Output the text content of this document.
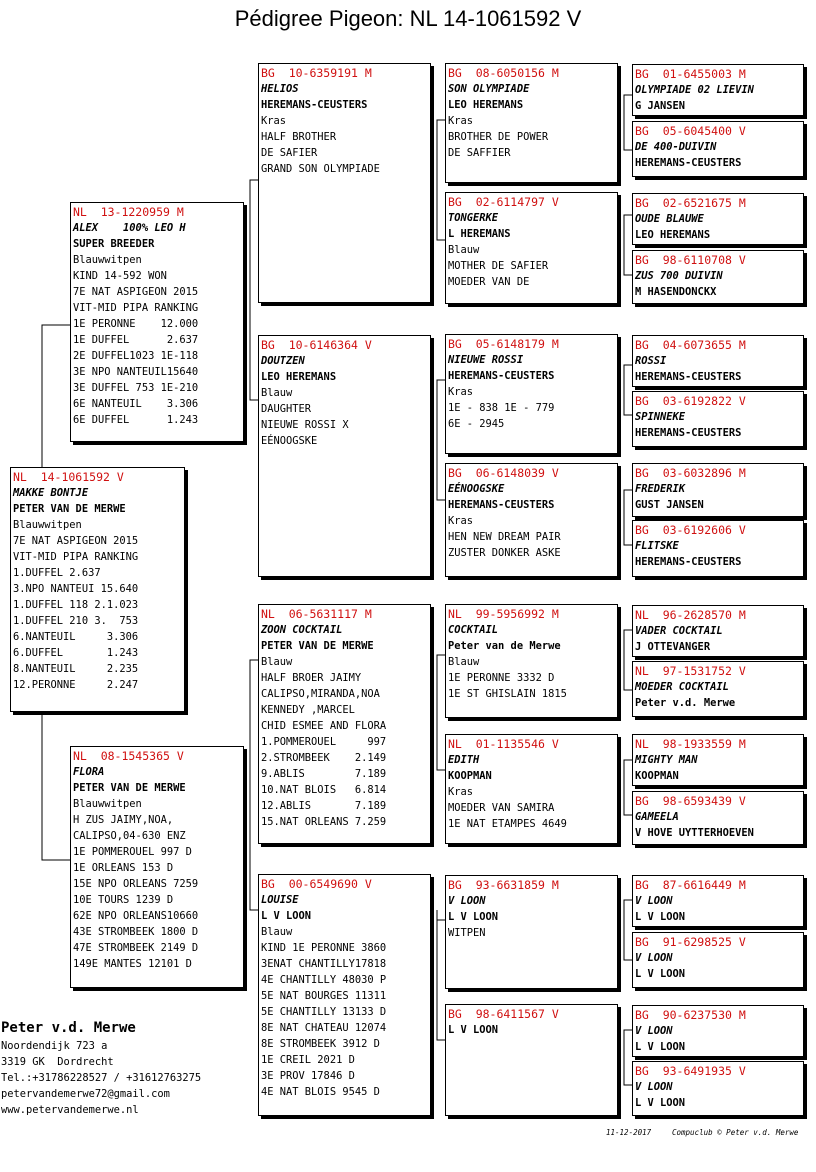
Pédigree Pigeon: NL 14-1061592 V
NL  14-1061592 V
MAKKE BONTJE
PETER VAN DE MERWE
Blauwwitpen
7E NAT ASPIGEON 2015
VIT-MID PIPA RANKING
1.DUFFEL 2.637
3.NPO NANTEUI 15.640
1.DUFFEL 118 2.1.023
1.DUFFEL 210 3.  753
6.NANTEUIL     3.306
6.DUFFEL       1.243
8.NANTEUIL     2.235
12.PERONNE     2.247
NL  13-1220959 M
ALEX    100% LEO H
SUPER BREEDER
Blauwwitpen
KIND 14-592 WON
7E NAT ASPIGEON 2015
VIT-MID PIPA RANKING
1E PERONNE    12.000
1E DUFFEL      2.637
2E DUFFEL1023 1E-118
3E NPO NANTEUIL15640
3E DUFFEL 753 1E-210
6E NANTEUIL    3.306
6E DUFFEL      1.243
NL  08-1545365 V
FLORA
PETER VAN DE MERWE
Blauwwitpen
H ZUS JAIMY,NOA,
CALIPSO,04-630 ENZ
1E POMMEROUEL 997 D
1E ORLEANS 153 D
15E NPO ORLEANS 7259
10E TOURS 1239 D
62E NPO ORLEANS10660
43E STROMBEEK 1800 D
47E STROMBEEK 2149 D
149E MANTES 12101 D
BG  10-6359191 M
HELIOS
HEREMANS-CEUSTERS
Kras
HALF BROTHER
DE SAFIER
GRAND SON OLYMPIADE
BG  10-6146364 V
DOUTZEN
LEO HEREMANS
Blauw
DAUGHTER
NIEUWE ROSSI X
EÉNOOGSKE
NL  06-5631117 M
ZOON COCKTAIL
PETER VAN DE MERWE
Blauw
HALF BROER JAIMY
CALIPSO,MIRANDA,NOA
KENNEDY ,MARCEL
CHID ESMEE AND FLORA
1.POMMEROUEL     997
2.STROMBEEK    2.149
9.ABLIS        7.189
10.NAT BLOIS   6.814
12.ABLIS       7.189
15.NAT ORLEANS 7.259
BG  00-6549690 V
LOUISE
L V LOON
Blauw
KIND 1E PERONNE 3860
3ENAT CHANTILLY17818
4E CHANTILLY 48030 P
5E NAT BOURGES 11311
5E CHANTILLY 13133 D
8E NAT CHATEAU 12074
8E STROMBEEK 3912 D
1E CREIL 2021 D
3E PROV 17846 D
4E NAT BLOIS 9545 D
BG  08-6050156 M
SON OLYMPIADE
LEO HEREMANS
Kras
BROTHER DE POWER
DE SAFFIER
BG  02-6114797 V
TONGERKE
L HEREMANS
Blauw
MOTHER DE SAFIER
MOEDER VAN DE
BG  05-6148179 M
NIEUWE ROSSI
HEREMANS-CEUSTERS
Kras
1E - 838 1E - 779
6E - 2945
BG  06-6148039 V
EÉNOOGSKE
HEREMANS-CEUSTERS
Kras
HEN NEW DREAM PAIR
ZUSTER DONKER ASKE
NL  99-5956992 M
COCKTAIL
Peter van de Merwe
Blauw
1E PERONNE 3332 D
1E ST GHISLAIN 1815
NL  01-1135546 V
EDITH
KOOPMAN
Kras
MOEDER VAN SAMIRA
1E NAT ETAMPES 4649
BG  93-6631859 M
V LOON
L V LOON
WITPEN
BG  98-6411567 V
L V LOON
BG  01-6455003 M
OLYMPIADE 02 LIEVIN
G JANSEN
BG  05-6045400 V
DE 400-DUIVIN
HEREMANS-CEUSTERS
BG  02-6521675 M
OUDE BLAUWE
LEO HEREMANS
BG  98-6110708 V
ZUS 700 DUIVIN
M HASENDONCKX
BG  04-6073655 M
ROSSI
HEREMANS-CEUSTERS
BG  03-6192822 V
SPINNEKE
HEREMANS-CEUSTERS
BG  03-6032896 M
FREDERIK
GUST JANSEN
BG  03-6192606 V
FLITSKE
HEREMANS-CEUSTERS
NL  96-2628570 M
VADER COCKTAIL
J OTTEVANGER
NL  97-1531752 V
MOEDER COCKTAIL
Peter v.d. Merwe
NL  98-1933559 M
MIGHTY MAN
KOOPMAN
BG  98-6593439 V
GAMEELA
V HOVE UYTTERHOEVEN
BG  87-6616449 M
V LOON
L V LOON
BG  91-6298525 V
V LOON
L V LOON
BG  90-6237530 M
V LOON
L V LOON
BG  93-6491935 V
V LOON
L V LOON
Peter v.d. Merwe
Noordendijk 723 a
3319 GK  Dordrecht
Tel.:+31786228527 / +31612763275
petervandemerwe72@gmail.com
www.petervandemerwe.nl
11-12-2017	Compuclub © Peter v.d. Merwe
